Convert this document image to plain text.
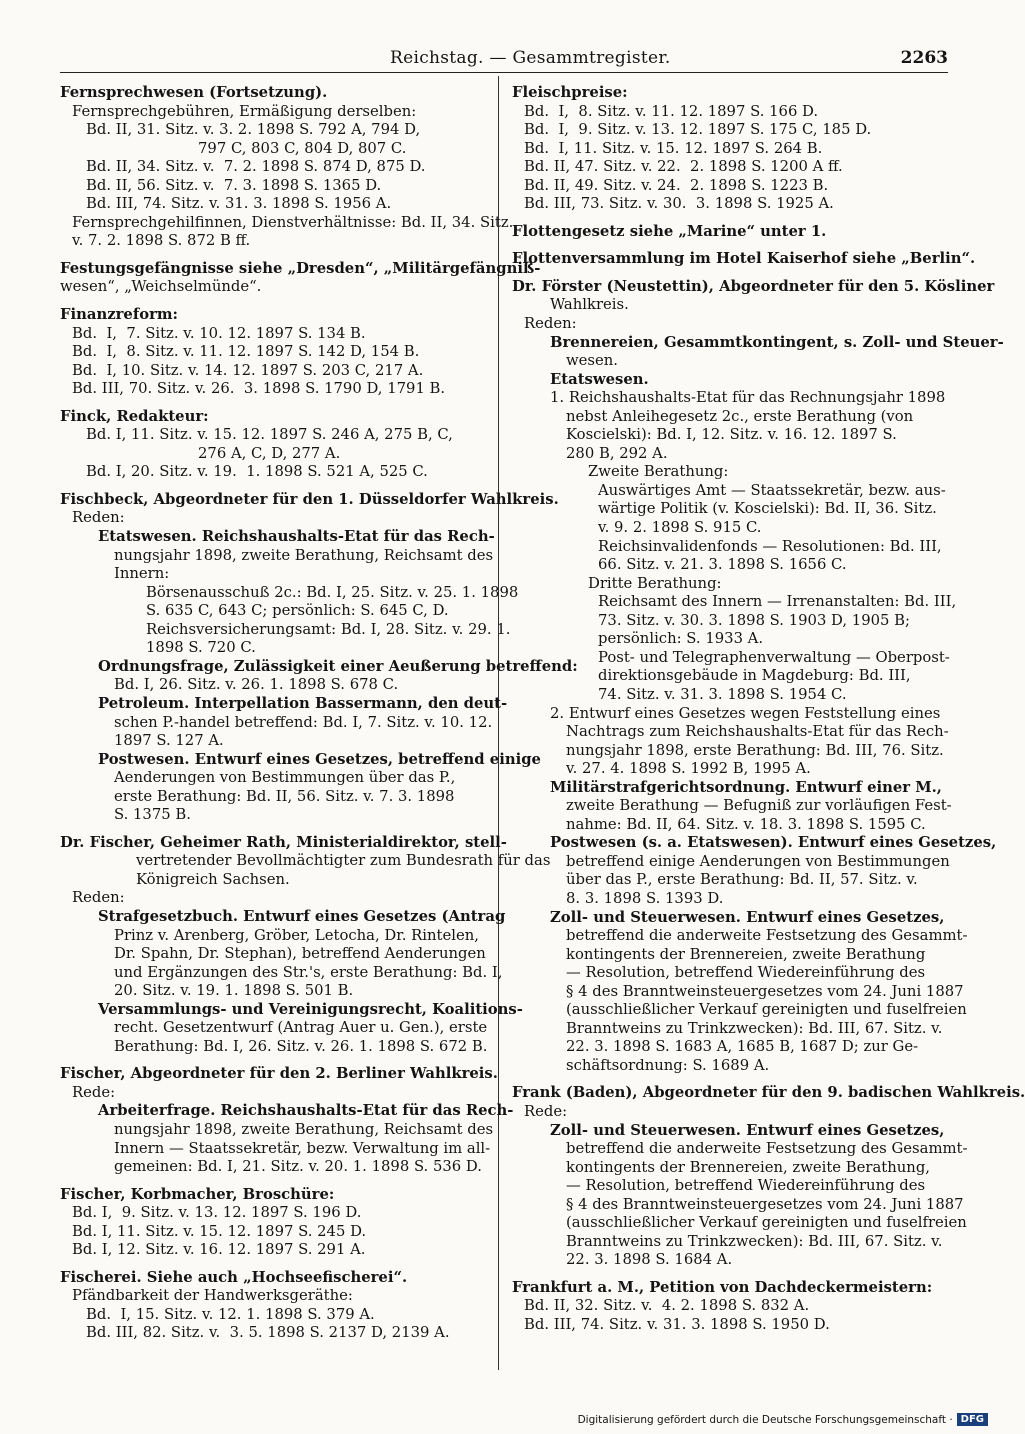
Reichstag. — Gesammtregister.	2263
Fernsprechwesen (Fortsetzung).
Fernsprechgebühren, Ermäßigung derselben:
Bd. II, 31. Sitz. v. 3. 2. 1898 S. 792 A, 794 D,
797 C, 803 C, 804 D, 807 C.
Bd. II, 34. Sitz. v.  7. 2. 1898 S. 874 D, 875 D.
Bd. II, 56. Sitz. v.  7. 3. 1898 S. 1365 D.
Bd. III, 74. Sitz. v. 31. 3. 1898 S. 1956 A.
Fernsprechgehilfinnen, Dienstverhältnisse: Bd. II, 34. Sitz.
v. 7. 2. 1898 S. 872 B ff.
Festungsgefängnisse siehe „Dresden“, „Militärgefängniß-
wesen“, „Weichselmünde“.
Finanzreform:
Bd.  I,  7. Sitz. v. 10. 12. 1897 S. 134 B.
Bd.  I,  8. Sitz. v. 11. 12. 1897 S. 142 D, 154 B.
Bd.  I, 10. Sitz. v. 14. 12. 1897 S. 203 C, 217 A.
Bd. III, 70. Sitz. v. 26.  3. 1898 S. 1790 D, 1791 B.
Finck, Redakteur:
Bd. I, 11. Sitz. v. 15. 12. 1897 S. 246 A, 275 B, C,
276 A, C, D, 277 A.
Bd. I, 20. Sitz. v. 19.  1. 1898 S. 521 A, 525 C.
Fischbeck, Abgeordneter für den 1. Düsseldorfer Wahlkreis.
Reden:
Etatswesen. Reichshaushalts-Etat für das Rech-
nungsjahr 1898, zweite Berathung, Reichsamt des
Innern:
Börsenausschuß 2c.: Bd. I, 25. Sitz. v. 25. 1. 1898
S. 635 C, 643 C; persönlich: S. 645 C, D.
Reichsversicherungsamt: Bd. I, 28. Sitz. v. 29. 1.
1898 S. 720 C.
Ordnungsfrage, Zulässigkeit einer Aeußerung betreffend:
Bd. I, 26. Sitz. v. 26. 1. 1898 S. 678 C.
Petroleum. Interpellation Bassermann, den deut-
schen P.-handel betreffend: Bd. I, 7. Sitz. v. 10. 12.
1897 S. 127 A.
Postwesen. Entwurf eines Gesetzes, betreffend einige
Aenderungen von Bestimmungen über das P.,
erste Berathung: Bd. II, 56. Sitz. v. 7. 3. 1898
S. 1375 B.
Dr. Fischer, Geheimer Rath, Ministerialdirektor, stell-
vertretender Bevollmächtigter zum Bundesrath für das
Königreich Sachsen.
Reden:
Strafgesetzbuch. Entwurf eines Gesetzes (Antrag
Prinz v. Arenberg, Gröber, Letocha, Dr. Rintelen,
Dr. Spahn, Dr. Stephan), betreffend Aenderungen
und Ergänzungen des Str.'s, erste Berathung: Bd. I,
20. Sitz. v. 19. 1. 1898 S. 501 B.
Versammlungs- und Vereinigungsrecht, Koalitions-
recht. Gesetzentwurf (Antrag Auer u. Gen.), erste
Berathung: Bd. I, 26. Sitz. v. 26. 1. 1898 S. 672 B.
Fischer, Abgeordneter für den 2. Berliner Wahlkreis.
Rede:
Arbeiterfrage. Reichshaushalts-Etat für das Rech-
nungsjahr 1898, zweite Berathung, Reichsamt des
Innern — Staatssekretär, bezw. Verwaltung im all-
gemeinen: Bd. I, 21. Sitz. v. 20. 1. 1898 S. 536 D.
Fischer, Korbmacher, Broschüre:
Bd. I,  9. Sitz. v. 13. 12. 1897 S. 196 D.
Bd. I, 11. Sitz. v. 15. 12. 1897 S. 245 D.
Bd. I, 12. Sitz. v. 16. 12. 1897 S. 291 A.
Fischerei. Siehe auch „Hochseefischerei“.
Pfändbarkeit der Handwerksgeräthe:
Bd.  I, 15. Sitz. v. 12. 1. 1898 S. 379 A.
Bd. III, 82. Sitz. v.  3. 5. 1898 S. 2137 D, 2139 A.
Fleischpreise:
Bd.  I,  8. Sitz. v. 11. 12. 1897 S. 166 D.
Bd.  I,  9. Sitz. v. 13. 12. 1897 S. 175 C, 185 D.
Bd.  I, 11. Sitz. v. 15. 12. 1897 S. 264 B.
Bd. II, 47. Sitz. v. 22.  2. 1898 S. 1200 A ff.
Bd. II, 49. Sitz. v. 24.  2. 1898 S. 1223 B.
Bd. III, 73. Sitz. v. 30.  3. 1898 S. 1925 A.
Flottengesetz siehe „Marine“ unter 1.
Flottenversammlung im Hotel Kaiserhof siehe „Berlin“.
Dr. Förster (Neustettin), Abgeordneter für den 5. Kösliner
Wahlkreis.
Reden:
Brennereien, Gesammtkontingent, s. Zoll- und Steuer-
wesen.
Etatswesen.
1. Reichshaushalts-Etat für das Rechnungsjahr 1898
nebst Anleihegesetz 2c., erste Berathung (von
Koscielski): Bd. I, 12. Sitz. v. 16. 12. 1897 S.
280 B, 292 A.
Zweite Berathung:
Auswärtiges Amt — Staatssekretär, bezw. aus-
wärtige Politik (v. Koscielski): Bd. II, 36. Sitz.
v. 9. 2. 1898 S. 915 C.
Reichsinvalidenfonds — Resolutionen: Bd. III,
66. Sitz. v. 21. 3. 1898 S. 1656 C.
Dritte Berathung:
Reichsamt des Innern — Irrenanstalten: Bd. III,
73. Sitz. v. 30. 3. 1898 S. 1903 D, 1905 B;
persönlich: S. 1933 A.
Post- und Telegraphenverwaltung — Oberpost-
direktionsgebäude in Magdeburg: Bd. III,
74. Sitz. v. 31. 3. 1898 S. 1954 C.
2. Entwurf eines Gesetzes wegen Feststellung eines
Nachtrags zum Reichshaushalts-Etat für das Rech-
nungsjahr 1898, erste Berathung: Bd. III, 76. Sitz.
v. 27. 4. 1898 S. 1992 B, 1995 A.
Militärstrafgerichtsordnung. Entwurf einer M.,
zweite Berathung — Befugniß zur vorläufigen Fest-
nahme: Bd. II, 64. Sitz. v. 18. 3. 1898 S. 1595 C.
Postwesen (s. a. Etatswesen). Entwurf eines Gesetzes,
betreffend einige Aenderungen von Bestimmungen
über das P., erste Berathung: Bd. II, 57. Sitz. v.
8. 3. 1898 S. 1393 D.
Zoll- und Steuerwesen. Entwurf eines Gesetzes,
betreffend die anderweite Festsetzung des Gesammt-
kontingents der Brennereien, zweite Berathung
— Resolution, betreffend Wiedereinführung des
§ 4 des Branntweinsteuergesetzes vom 24. Juni 1887
(ausschließlicher Verkauf gereinigten und fuselfreien
Branntweins zu Trinkzwecken): Bd. III, 67. Sitz. v.
22. 3. 1898 S. 1683 A, 1685 B, 1687 D; zur Ge-
schäftsordnung: S. 1689 A.
Frank (Baden), Abgeordneter für den 9. badischen Wahlkreis.
Rede:
Zoll- und Steuerwesen. Entwurf eines Gesetzes,
betreffend die anderweite Festsetzung des Gesammt-
kontingents der Brennereien, zweite Berathung,
— Resolution, betreffend Wiedereinführung des
§ 4 des Branntweinsteuergesetzes vom 24. Juni 1887
(ausschließlicher Verkauf gereinigten und fuselfreien
Branntweins zu Trinkzwecken): Bd. III, 67. Sitz. v.
22. 3. 1898 S. 1684 A.
Frankfurt a. M., Petition von Dachdeckermeistern:
Bd. II, 32. Sitz. v.  4. 2. 1898 S. 832 A.
Bd. III, 74. Sitz. v. 31. 3. 1898 S. 1950 D.
Digitalisierung gefördert durch die Deutsche Forschungsgemeinschaft · DFG
